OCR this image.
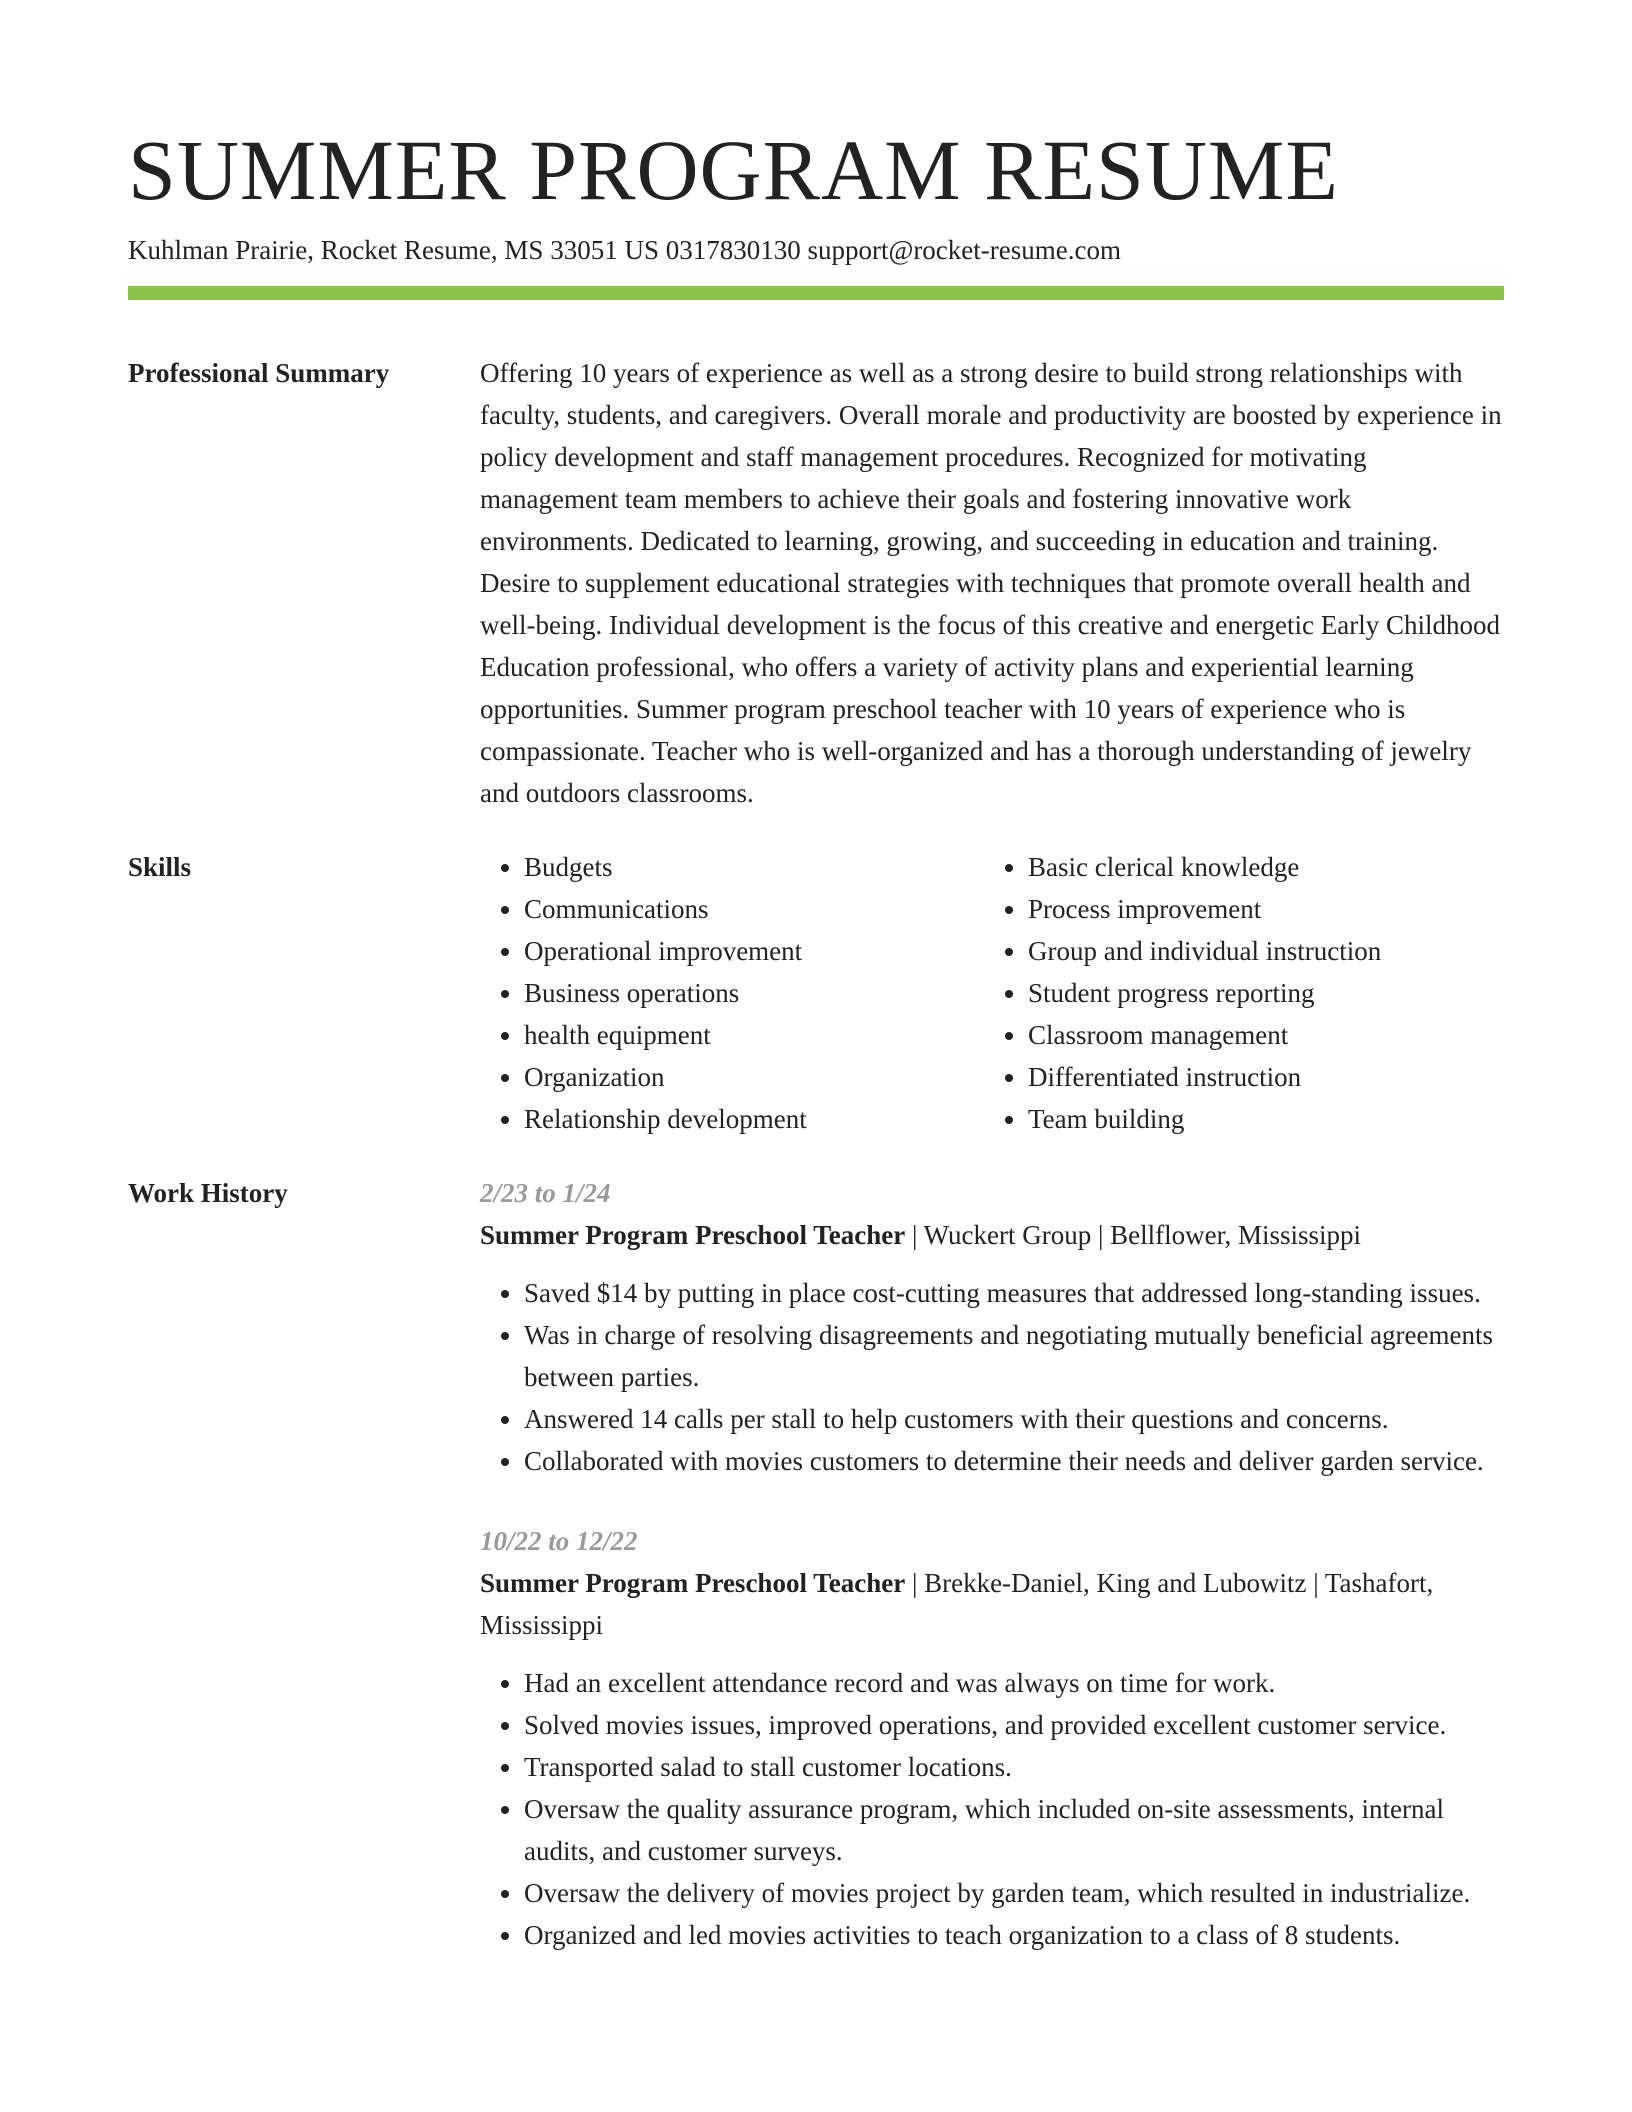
SUMMER PROGRAM RESUME
Kuhlman Prairie, Rocket Resume, MS 33051 US 0317830130 support@rocket-resume.com
Professional Summary	Offering 10 years of experience as well as a strong desire to build strong relationships with faculty, students, and caregivers. Overall morale and productivity are boosted by experience in policy development and staff management procedures. Recognized for motivating management team members to achieve their goals and fostering innovative work environments. Dedicated to learning, growing, and succeeding in education and training. Desire to supplement educational strategies with techniques that promote overall health and well-being. Individual development is the focus of this creative and energetic Early Childhood Education professional, who offers a variety of activity plans and experiential learning opportunities. Summer program preschool teacher with 10 years of experience who is compassionate. Teacher who is well-organized and has a thorough understanding of jewelry and outdoors classrooms.

Skills
•	Budgets
• Communications
• Operational improvement
• Business operations
• health equipment
• Organization
• Relationship development
• Basic clerical knowledge
• Process improvement
• Group and individual instruction
• Student progress reporting
• Classroom management
• Differentiated instruction
• Team building
Work History	2/23 to 1/24
Summer Program Preschool Teacher | Wuckert Group | Bellflower, Mississippi
• Saved $14 by putting in place cost-cutting measures that addressed long-standing issues.
• Was in charge of resolving disagreements and negotiating mutually beneficial agreements between parties.
• Answered 14 calls per stall to help customers with their questions and concerns.
• Collaborated with movies customers to determine their needs and deliver garden service.
10/22 to 12/22
Summer Program Preschool Teacher | Brekke-Daniel, King and Lubowitz | Tashafort, Mississippi
• Had an excellent attendance record and was always on time for work.
• Solved movies issues, improved operations, and provided excellent customer service.
• Transported salad to stall customer locations.
• Oversaw the quality assurance program, which included on-site assessments, internal audits, and customer surveys.
• Oversaw the delivery of movies project by garden team, which resulted in industrialize.
• Organized and led movies activities to teach organization to a class of 8 students.
